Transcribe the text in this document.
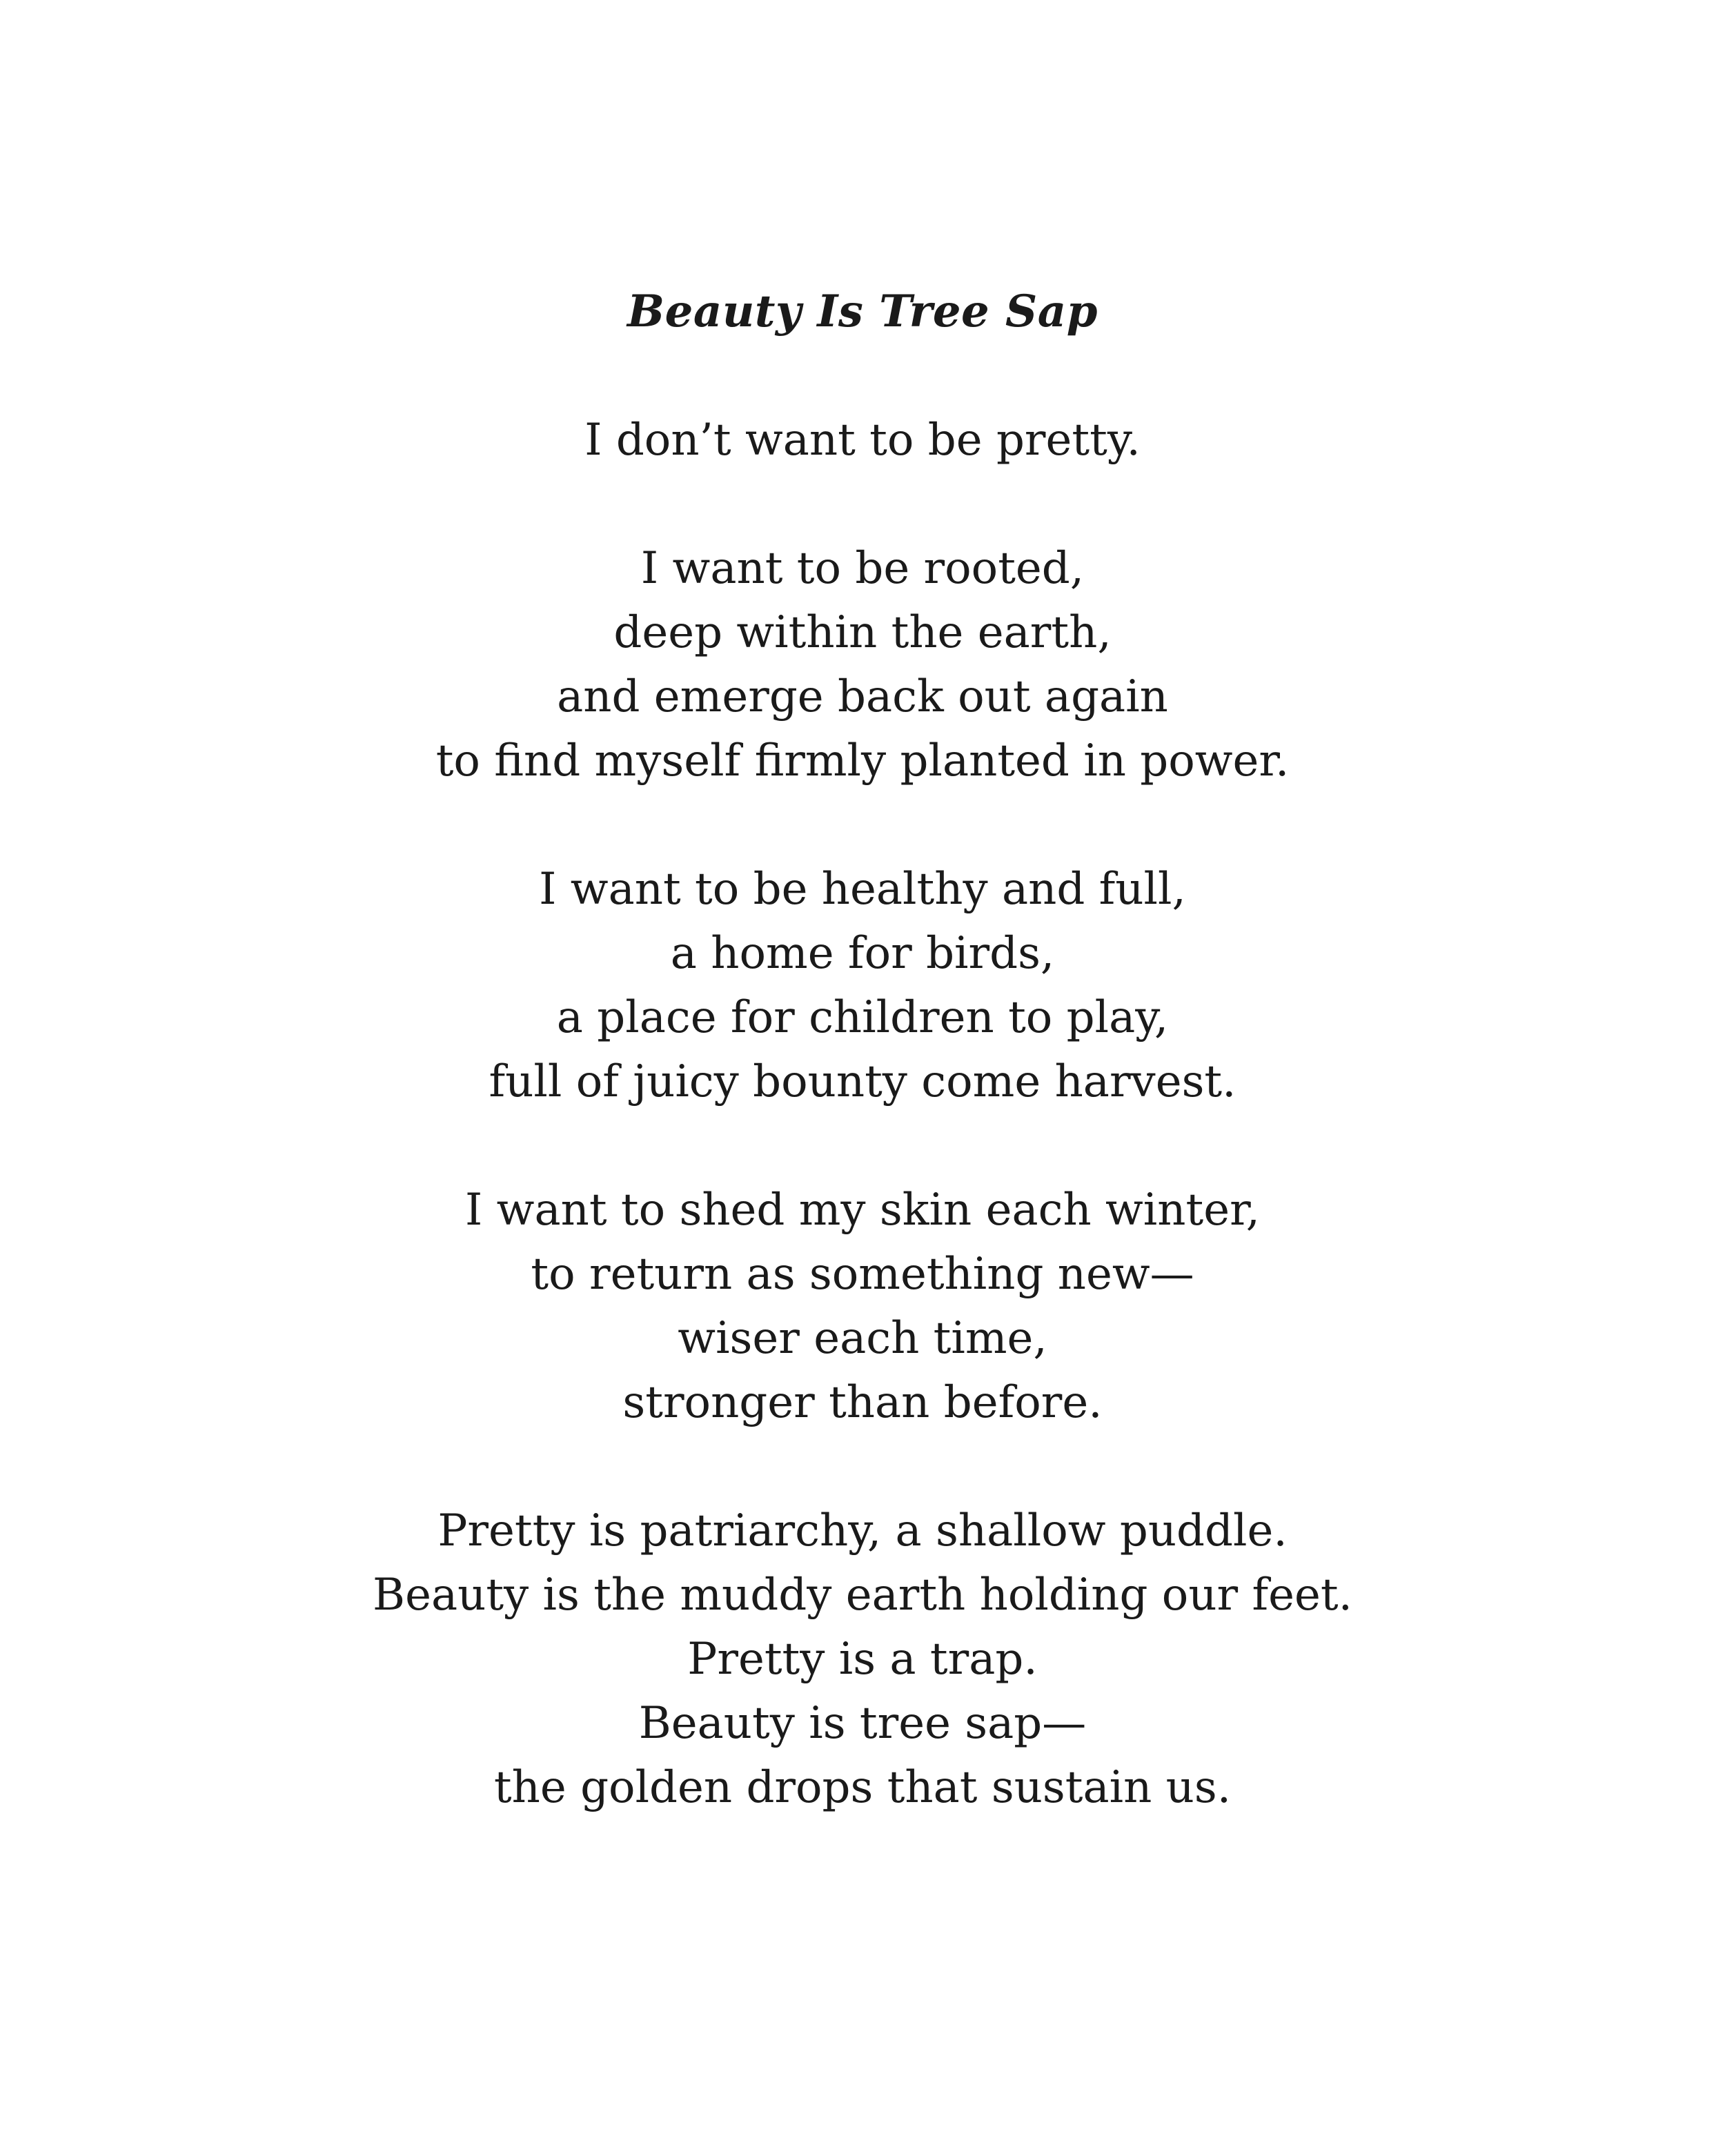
Beauty Is Tree Sap
I don’t want to be pretty.
I want to be rooted,
deep within the earth,
and emerge back out again
to find myself firmly planted in power.
I want to be healthy and full,
a home for birds,
a place for children to play,
full of juicy bounty come harvest.
I want to shed my skin each winter,
to return as something new—
wiser each time,
stronger than before.
Pretty is patriarchy, a shallow puddle.
Beauty is the muddy earth holding our feet.
Pretty is a trap.
Beauty is tree sap—
the golden drops that sustain us.
